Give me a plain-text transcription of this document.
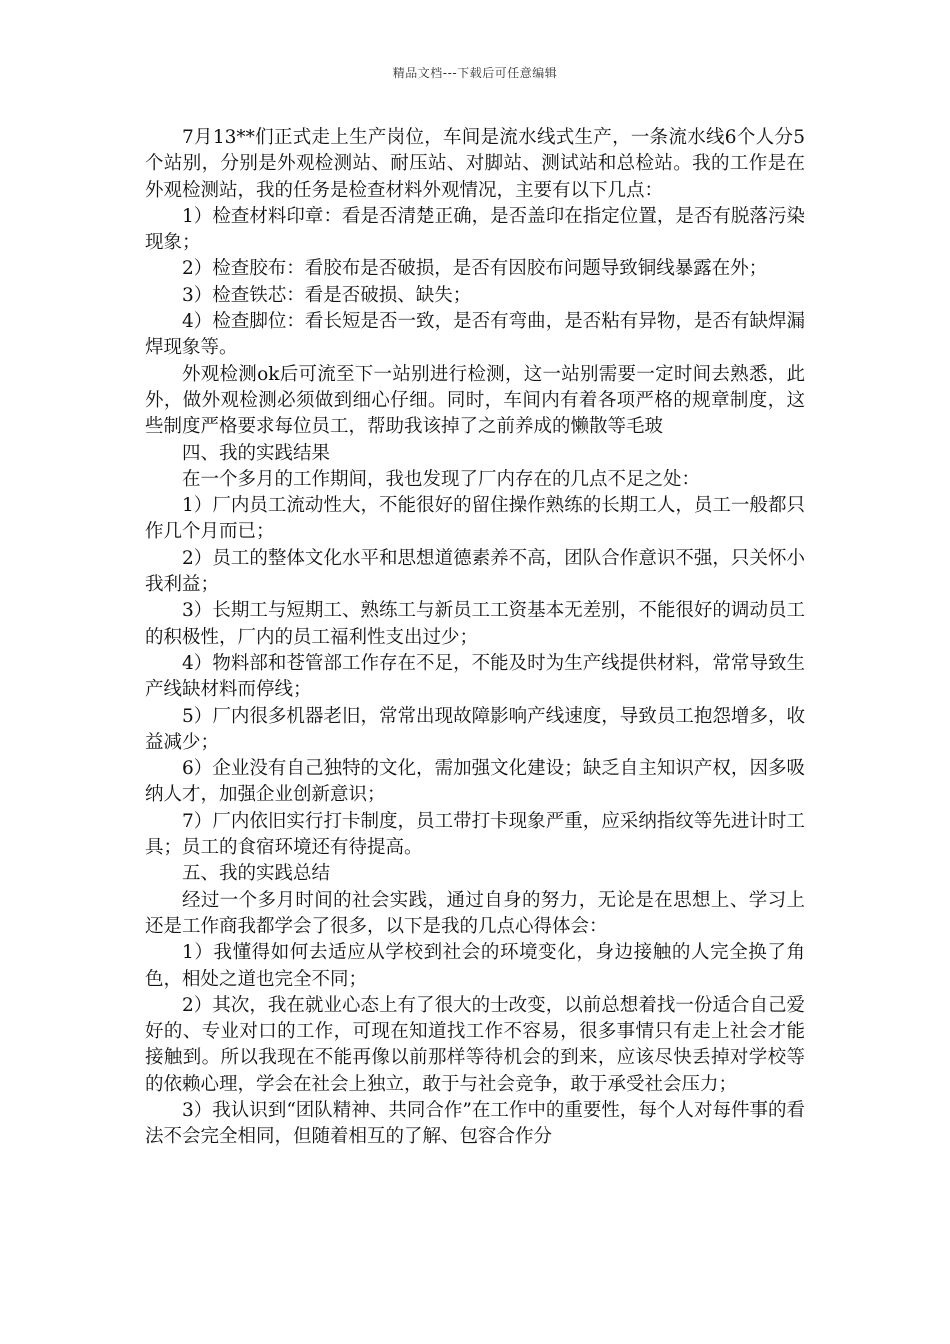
精品文档---下载后可任意编辑

7月13**们正式走上生产岗位，车间是流水线式生产，一条流水线6个人分5个站别，分别是外观检测站、耐压站、对脚站、测试站和总检站。我的工作是在外观检测站，我的任务是检查材料外观情况，主要有以下几点：

1）检查材料印章：看是否清楚正确，是否盖印在指定位置，是否有脱落污染现象；

2）检查胶布：看胶布是否破损，是否有因胶布问题导致铜线暴露在外；

3）检查铁芯：看是否破损、缺失；

4）检查脚位：看长短是否一致，是否有弯曲，是否粘有异物，是否有缺焊漏焊现象等。

外观检测ok后可流至下一站别进行检测，这一站别需要一定时间去熟悉，此外，做外观检测必须做到细心仔细。同时，车间内有着各项严格的规章制度，这些制度严格要求每位员工，帮助我该掉了之前养成的懒散等毛玻

四、我的实践结果

在一个多月的工作期间，我也发现了厂内存在的几点不足之处：

1）厂内员工流动性大，不能很好的留住操作熟练的长期工人，员工一般都只作几个月而已；

2）员工的整体文化水平和思想道德素养不高，团队合作意识不强，只关怀小我利益；

3）长期工与短期工、熟练工与新员工工资基本无差别，不能很好的调动员工的积极性，厂内的员工福利性支出过少；

4）物料部和苍管部工作存在不足，不能及时为生产线提供材料，常常导致生产线缺材料而停线；

5）厂内很多机器老旧，常常出现故障影响产线速度，导致员工抱怨增多，收益减少；

6）企业没有自己独特的文化，需加强文化建设；缺乏自主知识产权，因多吸纳人才，加强企业创新意识；

7）厂内依旧实行打卡制度，员工带打卡现象严重，应采纳指纹等先进计时工具；员工的食宿环境还有待提高。

五、我的实践总结

经过一个多月时间的社会实践，通过自身的努力，无论是在思想上、学习上还是工作商我都学会了很多，以下是我的几点心得体会：

1）我懂得如何去适应从学校到社会的环境变化，身边接触的人完全换了角色，相处之道也完全不同；

2）其次，我在就业心态上有了很大的士改变，以前总想着找一份适合自己爱好的、专业对口的工作，可现在知道找工作不容易，很多事情只有走上社会才能接触到。所以我现在不能再像以前那样等待机会的到来，应该尽快丢掉对学校等的依赖心理，学会在社会上独立，敢于与社会竞争，敢于承受社会压力；

3）我认识到“团队精神、共同合作”在工作中的重要性，每个人对每件事的看法不会完全相同，但随着相互的了解、包容合作分
